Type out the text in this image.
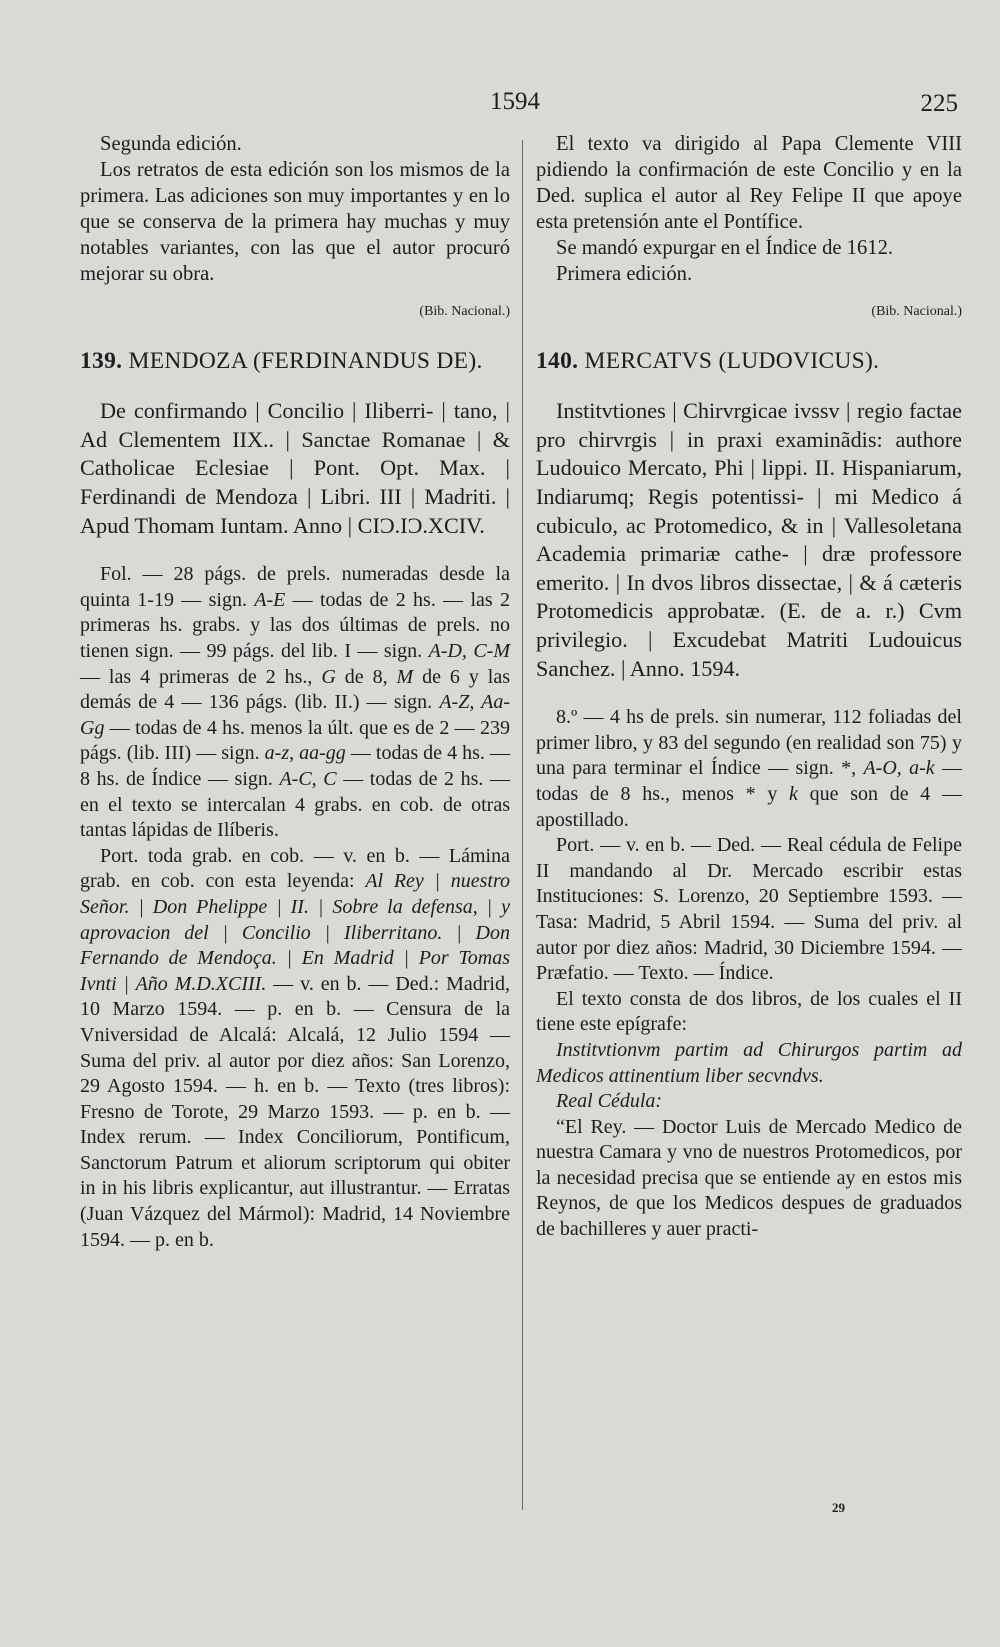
1594	225

Segunda edición.

Los retratos de esta edición son los mismos de la primera. Las adiciones son muy importantes y en lo que se conserva de la primera hay muchas y muy notables variantes, con las que el autor procuró mejorar su obra.

(Bib. Nacional.)

139. MENDOZA (FERDINANDUS DE).

De confirmando | Concilio | Iliberri- | tano, | Ad Clementem IIX.. | Sanctae Romanae | & Catholicae Eclesiae | Pont. Opt. Max. | Ferdinandi de Mendoza | Libri. III | Madriti. | Apud Thomam Iuntam. Anno | CIƆ.IƆ.XCIV.

Fol. — 28 págs. de prels. numeradas desde la quinta 1-19 — sign. A-E — todas de 2 hs. — las 2 primeras hs. grabs. y las dos últimas de prels. no tienen sign. — 99 págs. del lib. I — sign. A-D, C-M — las 4 primeras de 2 hs., G de 8, M de 6 y las demás de 4 — 136 págs. (lib. II.) — sign. A-Z, Aa-Gg — todas de 4 hs. menos la últ. que es de 2 — 239 págs. (lib. III) — sign. a-z, aa-gg — todas de 4 hs. — 8 hs. de Índice — sign. A-C, C — todas de 2 hs. — en el texto se intercalan 4 grabs. en cob. de otras tantas lápidas de Ilíberis.

Port. toda grab. en cob. — v. en b. — Lámina grab. en cob. con esta leyenda: Al Rey | nuestro Señor. | Don Phelippe | II. | Sobre la defensa, | y aprovacion del | Concilio | Iliberritano. | Don Fernando de Mendoça. | En Madrid | Por Tomas Ivnti | Año M.D.XCIII. — v. en b. — Ded.: Madrid, 10 Marzo 1594. — p. en b. — Censura de la Vniversidad de Alcalá: Alcalá, 12 Julio 1594 — Suma del priv. al autor por diez años: San Lorenzo, 29 Agosto 1594. — h. en b. — Texto (tres libros): Fresno de Torote, 29 Marzo 1593. — p. en b. — Index rerum. — Index Conciliorum, Pontificum, Sanctorum Patrum et aliorum scriptorum qui obiter in in his libris explicantur, aut illustrantur. — Erratas (Juan Vázquez del Mármol): Madrid, 14 Noviembre 1594. — p. en b.

El texto va dirigido al Papa Clemente VIII pidiendo la confirmación de este Concilio y en la Ded. suplica el autor al Rey Felipe II que apoye esta pretensión ante el Pontífice.

Se mandó expurgar en el Índice de 1612.

Primera edición.

(Bib. Nacional.)

140. MERCATVS (LUDOVICUS).

Institvtiones | Chirvrgicae ivssv | regio factae pro chirvrgis | in praxi examinãdis: authore Ludouico Mercato, Phi | lippi. II. Hispaniarum, Indiarumq; Regis potentissi- | mi Medico á cubiculo, ac Protomedico, & in | Vallesoletana Academia primariæ cathe- | dræ professore emerito. | In dvos libros dissectae, | & á cæteris Protomedicis approbatæ. (E. de a. r.) Cvm privilegio. | Excudebat Matriti Ludouicus Sanchez. | Anno. 1594.

8.º — 4 hs de prels. sin numerar, 112 foliadas del primer libro, y 83 del segundo (en realidad son 75) y una para terminar el Índice — sign. *, A-O, a-k — todas de 8 hs., menos * y k que son de 4 — apostillado.

Port. — v. en b. — Ded. — Real cédula de Felipe II mandando al Dr. Mercado escribir estas Instituciones: S. Lorenzo, 20 Septiembre 1593. — Tasa: Madrid, 5 Abril 1594. — Suma del priv. al autor por diez años: Madrid, 30 Diciembre 1594. — Præfatio. — Texto. — Índice.

El texto consta de dos libros, de los cuales el II tiene este epígrafe:

Institvtionvm partim ad Chirurgos partim ad Medicos attinentium liber secvndvs.

Real Cédula:

“El Rey. — Doctor Luis de Mercado Medico de nuestra Camara y vno de nuestros Protomedicos, por la necesidad precisa que se entiende ay en estos mis Reynos, de que los Medicos despues de graduados de bachilleres y auer practi-

29
